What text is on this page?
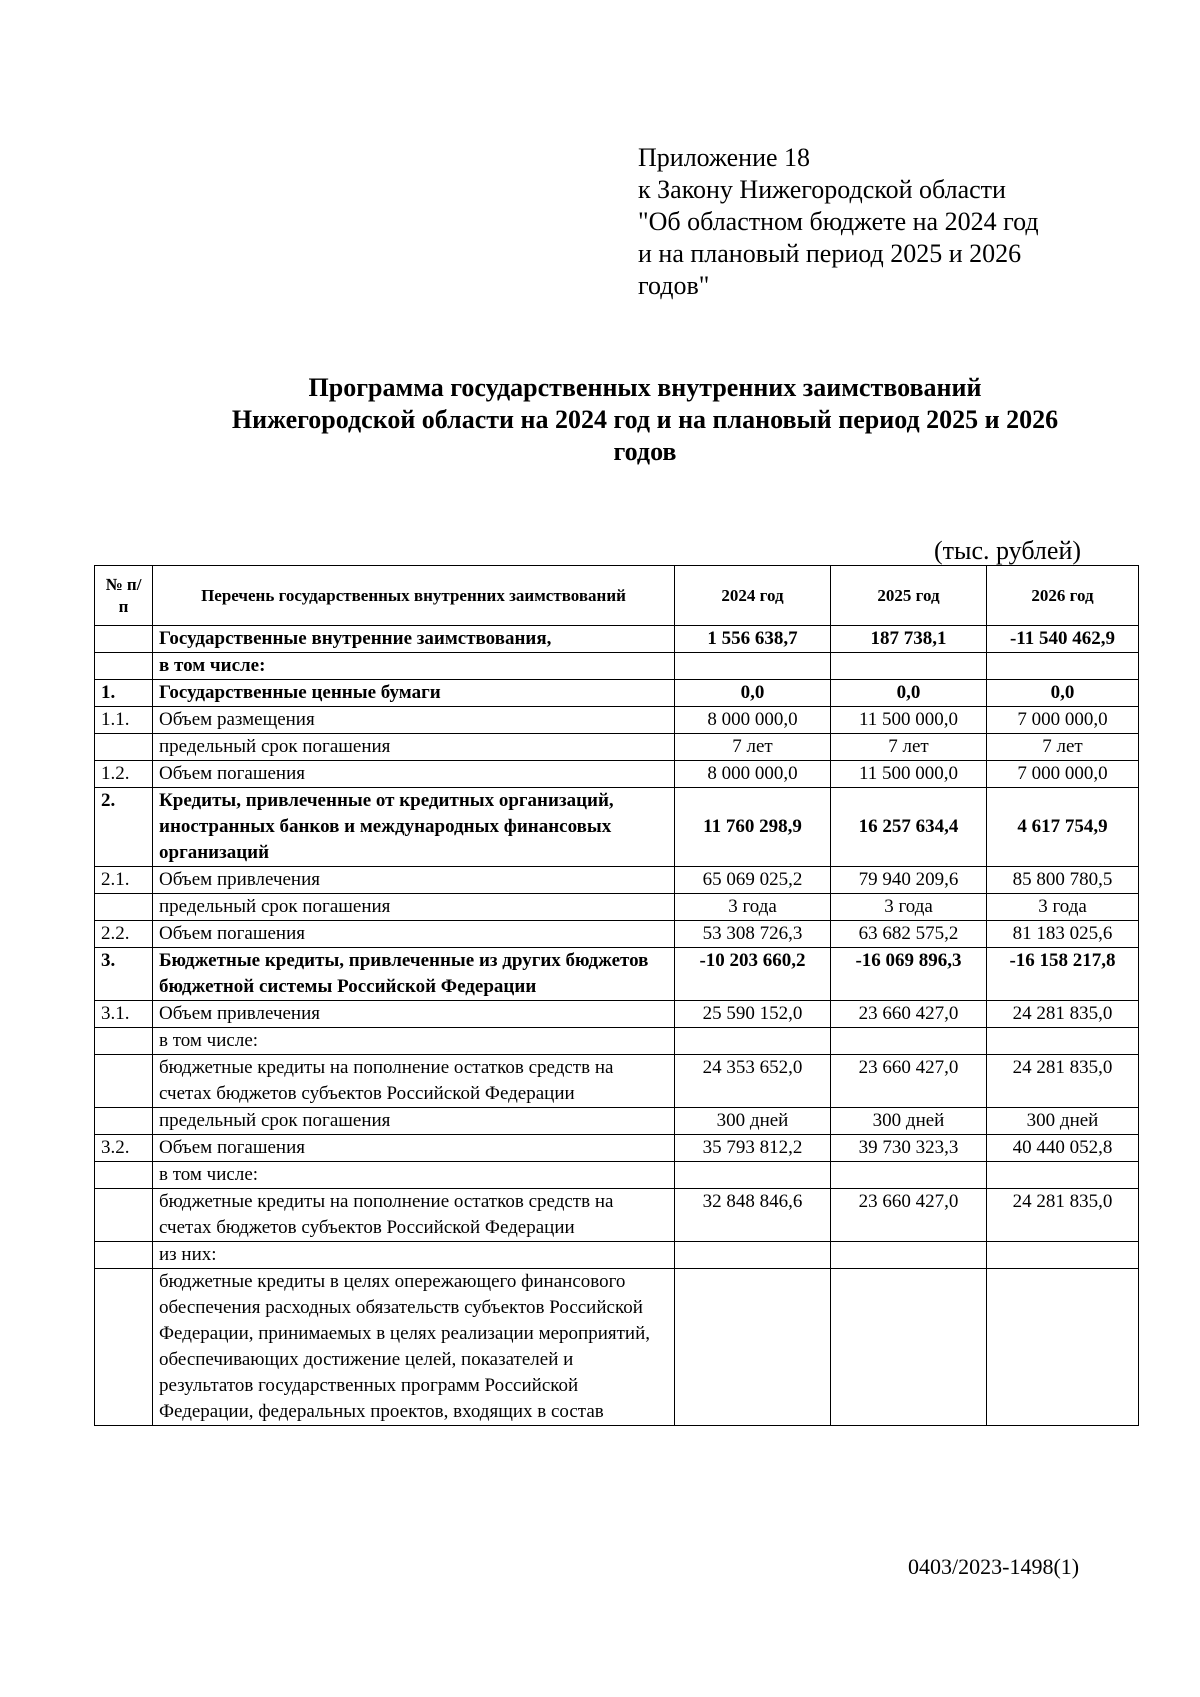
Приложение 18
к Закону Нижегородской области
"Об областном бюджете на 2024 год
и на плановый период 2025 и 2026
годов"
Программа государственных внутренних заимствований
Нижегородской области на 2024 год и на плановый период 2025 и 2026
годов
(тыс. рублей)
№ п/п	Перечень государственных внутренних заимствований	2024 год	2025 год	2026 год
	Государственные внутренние заимствования,	1 556 638,7	187 738,1	-11 540 462,9
	в том числе:			
1.	Государственные ценные бумаги	0,0	0,0	0,0
1.1.	Объем размещения	8 000 000,0	11 500 000,0	7 000 000,0
	предельный срок погашения	7 лет	7 лет	7 лет
1.2.	Объем погашения	8 000 000,0	11 500 000,0	7 000 000,0
2.	Кредиты, привлеченные от кредитных организаций, иностранных банков и международных финансовых организаций	11 760 298,9	16 257 634,4	4 617 754,9
2.1.	Объем привлечения	65 069 025,2	79 940 209,6	85 800 780,5
	предельный срок погашения	3 года	3 года	3 года
2.2.	Объем погашения	53 308 726,3	63 682 575,2	81 183 025,6
3.	Бюджетные кредиты, привлеченные из других бюджетов бюджетной системы Российской Федерации	-10 203 660,2	-16 069 896,3	-16 158 217,8
3.1.	Объем привлечения	25 590 152,0	23 660 427,0	24 281 835,0
	в том числе:			
	бюджетные кредиты на пополнение остатков средств на счетах бюджетов субъектов Российской Федерации	24 353 652,0	23 660 427,0	24 281 835,0
	предельный срок погашения	300 дней	300 дней	300 дней
3.2.	Объем погашения	35 793 812,2	39 730 323,3	40 440 052,8
	в том числе:			
	бюджетные кредиты на пополнение остатков средств на счетах бюджетов субъектов Российской Федерации	32 848 846,6	23 660 427,0	24 281 835,0
	из них:			
	бюджетные кредиты в целях опережающего финансового обеспечения расходных обязательств субъектов Российской Федерации, принимаемых в целях реализации мероприятий, обеспечивающих достижение целей, показателей и результатов государственных программ Российской Федерации, федеральных проектов, входящих в состав			
0403/2023-1498(1)
